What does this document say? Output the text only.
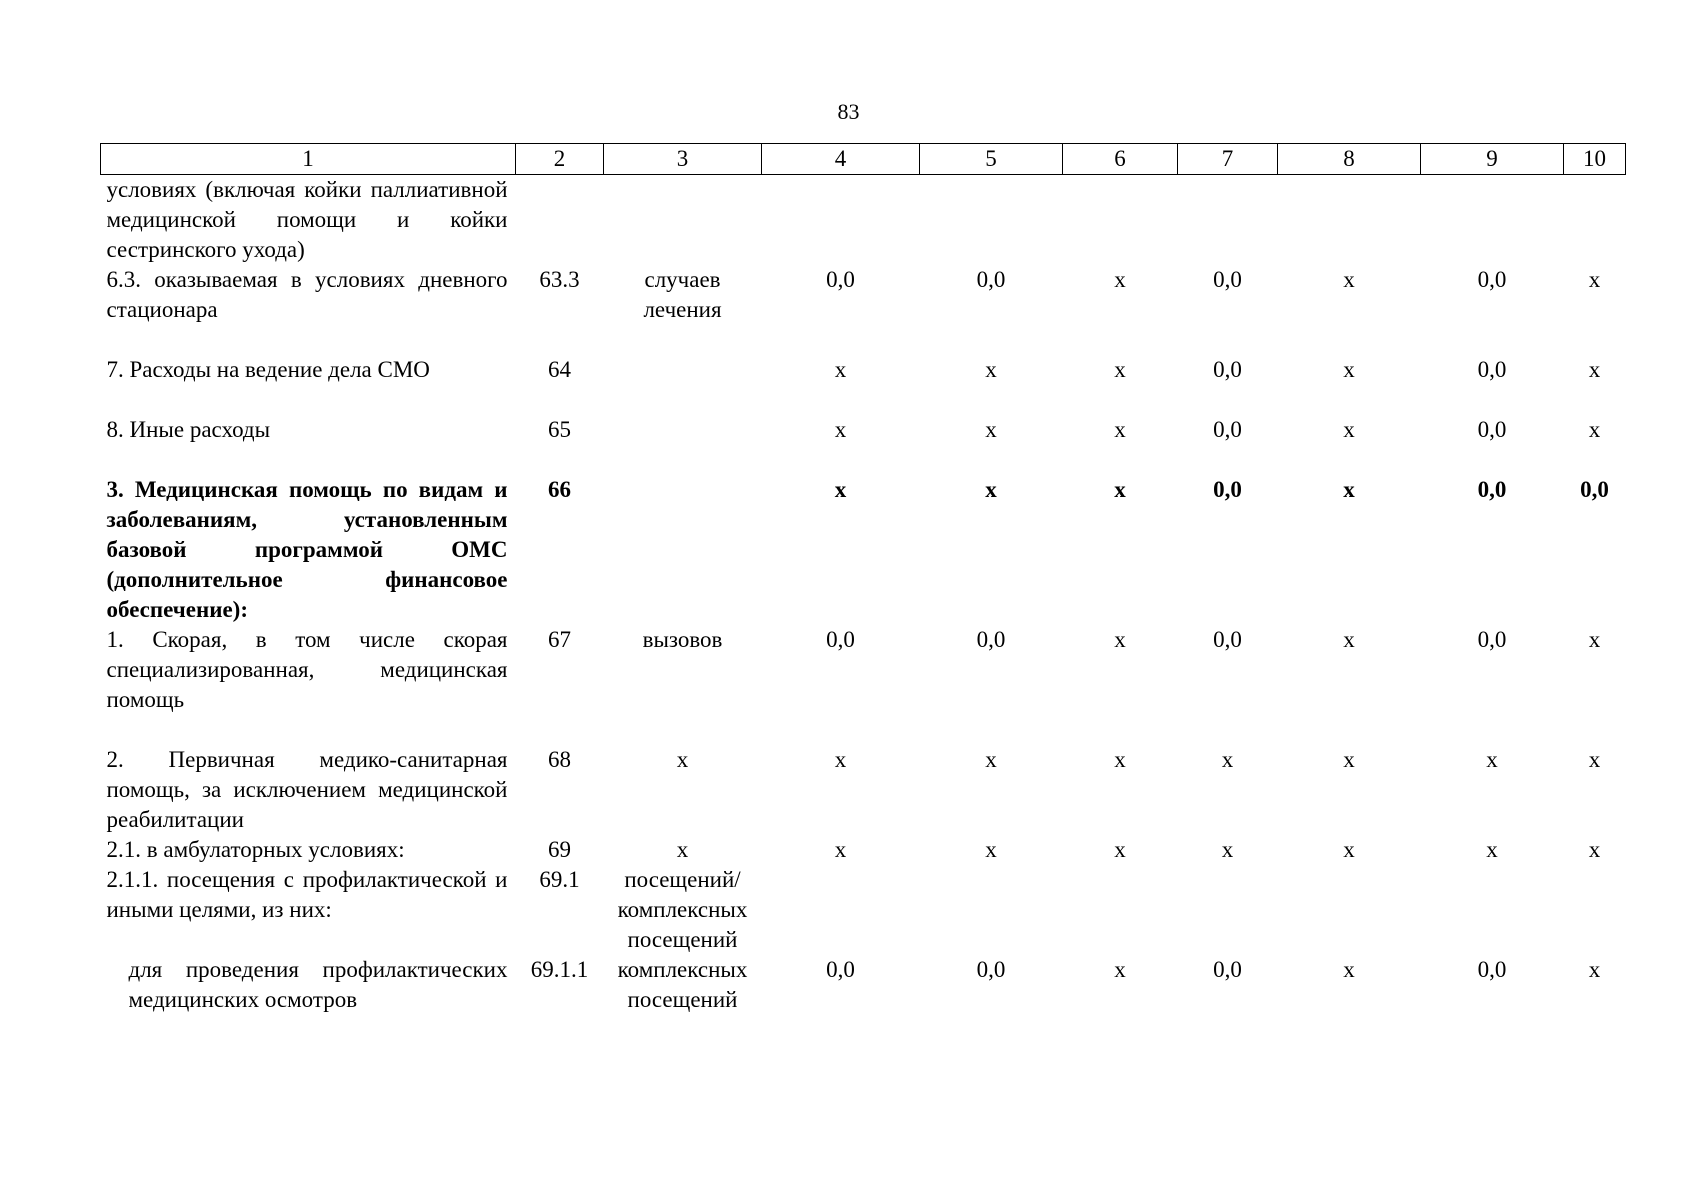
83
1	2	3	4	5	6	7	8	9	10
условиях (включая койки паллиативной медицинской помощи и койки сестринского ухода)									
6.3. оказываемая в условиях дневного стационара	63.3	случаев лечения	0,0	0,0	х	0,0	х	0,0	х
7. Расходы на ведение дела СМО	64		х	х	х	0,0	х	0,0	х
8. Иные расходы	65		х	х	х	0,0	х	0,0	х
3. Медицинская помощь по видам и заболеваниям, установленным базовой программой ОМС (дополнительное финансовое обеспечение):	66		х	х	х	0,0	х	0,0	0,0
1. Скорая, в том числе скорая специализированная, медицинская помощь	67	вызовов	0,0	0,0	х	0,0	х	0,0	х
2. Первичная медико-санитарная помощь, за исключением медицинской реабилитации	68	х	х	х	х	х	х	х	х
2.1. в амбулаторных условиях:	69	х	х	х	х	х	х	х	х
2.1.1. посещения с профилактической и иными целями, из них:	69.1	посещений/ комплексных посещений							
для проведения профилактических медицинских осмотров	69.1.1	комплексных посещений	0,0	0,0	х	0,0	х	0,0	х
